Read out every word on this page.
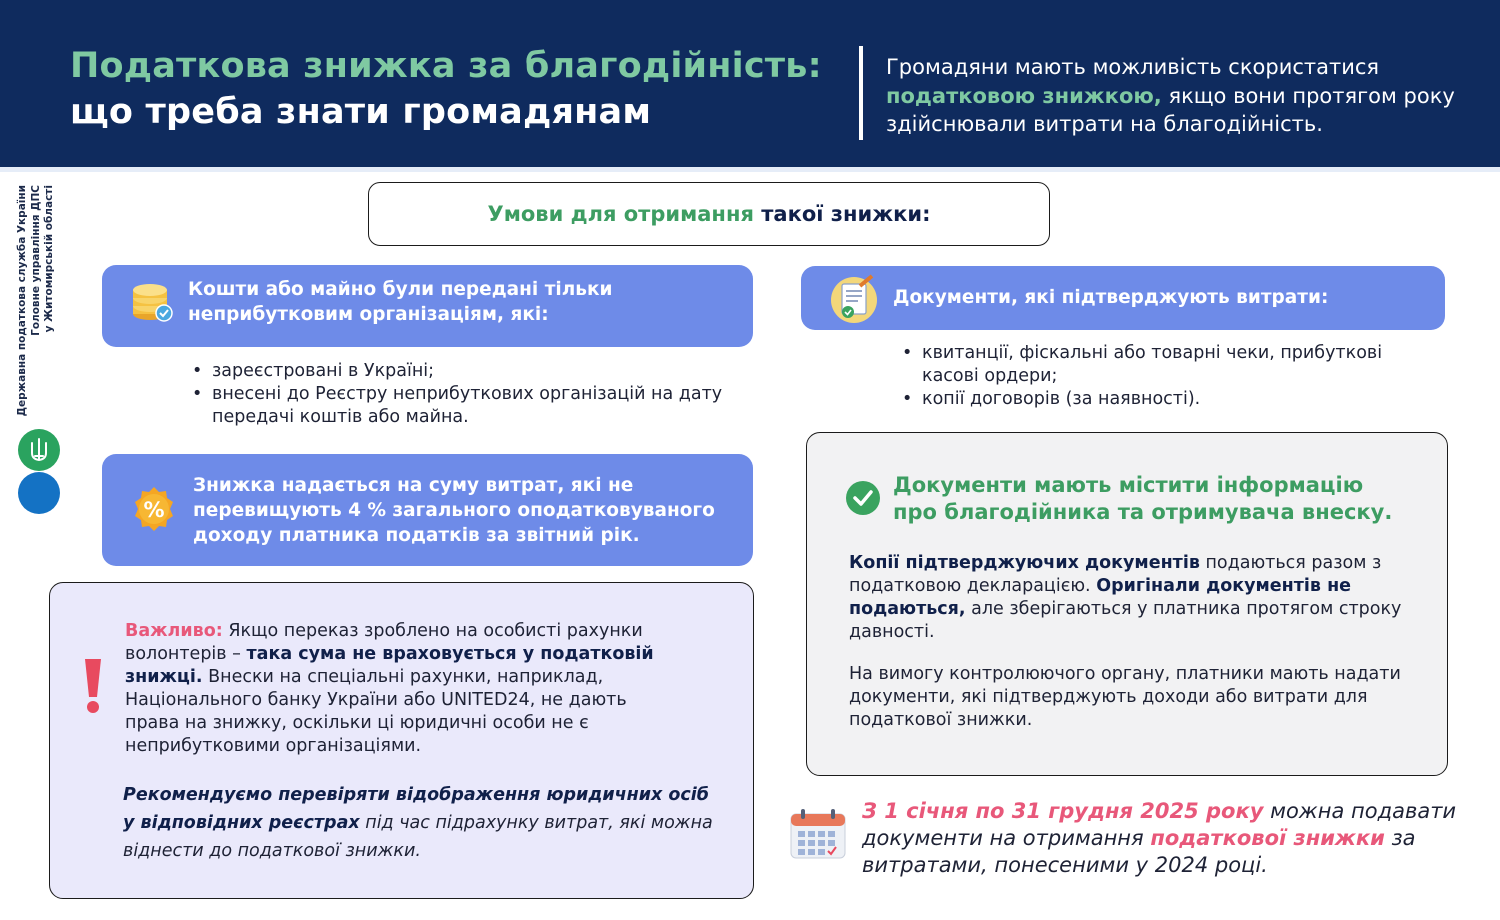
Податкова знижка за благодійність:
що треба знати громадянам
Громадяни мають можливість скористатися податковою знижкою, якщо вони протягом року здійснювали витрати на благодійність.
Державна податкова служба України Головне управління ДПС у Житомирській області	Умови для отримання
такої знижки:
Кошти або майно були передані тільки неприбутковим організаціям, які:
• зареєстровані в Україні;
• внесені до Реєстру неприбуткових організацій на дату передачі коштів або майна.
Документи, які підтверджують витрати:
• квитанції, фіскальні або товарні чеки, прибуткові касові ордери;
• копії договорів (за наявності).
%
Знижка надається на суму витрат, які не перевищують 4 % загального оподатковуваного доходу платника податків за звітний рік.
Важливо: Якщо переказ зроблено на особисті рахунки волонтерів – така сума не враховується у податковій знижці. Внески на спеціальні рахунки, наприклад, Національного банку України або UNITED24, не дають права на знижку, оскільки ці юридичні особи не є неприбутковими організаціями.
Рекомендуємо перевіряти відображення юридичних осіб у відповідних реєстрах під час підрахунку витрат, які можна віднести до податкової знижки.
Документи мають містити інформацію про благодійника та отримувача внеску.
Копії підтверджуючих документів подаються разом з податковою декларацією. Оригінали документів не подаються, але зберігаються у платника протягом строку давності.
На вимогу контролюючого органу, платники мають надати документи, які підтверджують доходи або витрати для податкової знижки.
З 1 січня по 31 грудня 2025 року можна подавати документи на отримання податкової знижки за витратами, понесеними у 2024 році.
